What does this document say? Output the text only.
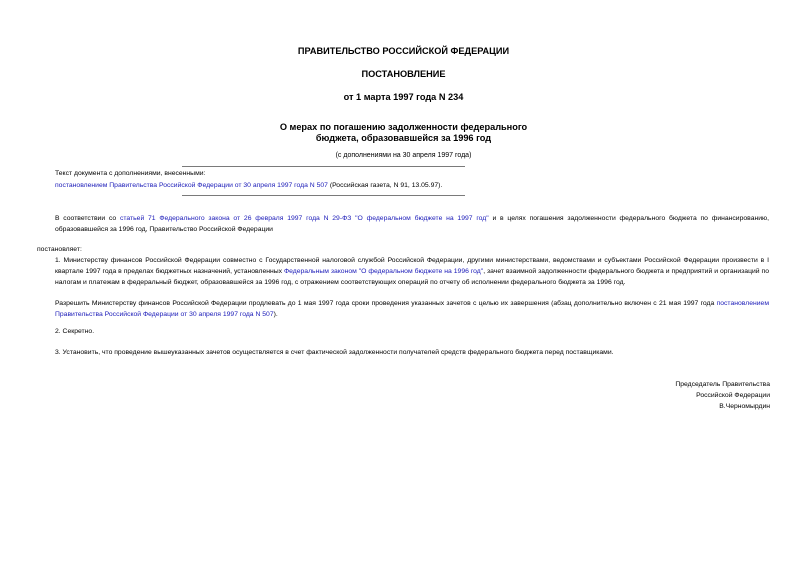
ПРАВИТЕЛЬСТВО РОССИЙСКОЙ ФЕДЕРАЦИИ
ПОСТАНОВЛЕНИЕ
от 1 марта 1997 года N 234
О мерах по погашению задолженности федерального
бюджета, образовавшейся за 1996 год
(с дополнениями на 30 апреля 1997 года)
Текст документа с дополнениями, внесенными:
постановлением Правительства Российской Федерации от 30 апреля 1997 года N 507 (Российская газета, N 91, 13.05.97).
В соответствии со статьей 71 Федерального закона от 26 февраля 1997 года N 29-ФЗ "О федеральном бюджете на 1997 год" и в целях погашения задолженности федерального бюджета по финансированию, образовавшейся за 1996 год, Правительство Российской Федерации
постановляет:
1. Министерству финансов Российской Федерации совместно с Государственной налоговой службой Российской Федерации, другими министерствами, ведомствами и субъектами Российской Федерации произвести в I квартале 1997 года в пределах бюджетных назначений, установленных Федеральным законом "О федеральном бюджете на 1996 год", зачет взаимной задолженности федерального бюджета и предприятий и организаций по налогам и платежам в федеральный бюджет, образовавшейся за 1996 год, с отражением соответствующих операций по отчету об исполнении федерального бюджета за 1996 год.
Разрешить Министерству финансов Российской Федерации продлевать до 1 мая 1997 года сроки проведения указанных зачетов с целью их завершения (абзац дополнительно включен с 21 мая 1997 года постановлением Правительства Российской Федерации от 30 апреля 1997 года N 507).
2. Секретно.
3. Установить, что проведение вышеуказанных зачетов осуществляется в счет фактической задолженности получателей средств федерального бюджета перед поставщиками.
Председатель Правительства
Российской Федерации
В.Черномырдин
